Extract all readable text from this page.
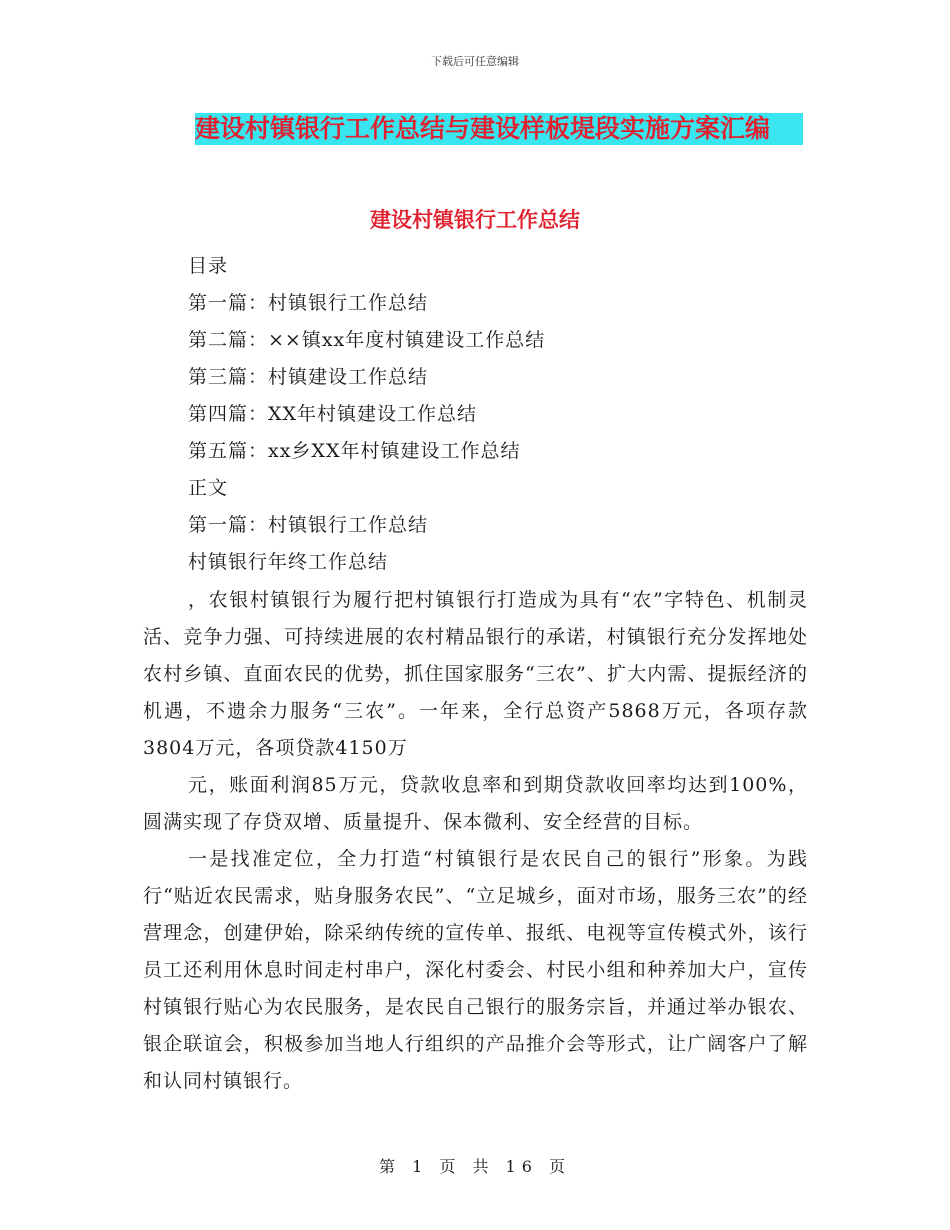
下载后可任意编辑
建设村镇银行工作总结与建设样板堤段实施方案汇编
建设村镇银行工作总结
目录
第一篇：村镇银行工作总结
第二篇：××镇xx年度村镇建设工作总结
第三篇：村镇建设工作总结
第四篇：XX年村镇建设工作总结
第五篇：xx乡XX年村镇建设工作总结
正文
第一篇：村镇银行工作总结
村镇银行年终工作总结

，农银村镇银行为履行把村镇银行打造成为具有“农”字特色、机制灵活、竞争力强、可持续进展的农村精品银行的承诺，村镇银行充分发挥地处农村乡镇、直面农民的优势，抓住国家服务“三农”、扩大内需、提振经济的机遇，不遗余力服务“三农”。一年来，全行总资产5868万元，各项存款3804万元，各项贷款4150万

元，账面利润85万元，贷款收息率和到期贷款收回率均达到100%，圆满实现了存贷双增、质量提升、保本微利、安全经营的目标。

一是找准定位，全力打造“村镇银行是农民自己的银行”形象。为践行“贴近农民需求，贴身服务农民”、“立足城乡，面对市场，服务三农”的经营理念，创建伊始，除采纳传统的宣传单、报纸、电视等宣传模式外，该行员工还利用休息时间走村串户，深化村委会、村民小组和种养加大户，宣传村镇银行贴心为农民服务，是农民自己银行的服务宗旨，并通过举办银农、银企联谊会，积极参加当地人行组织的产品推介会等形式，让广阔客户了解和认同村镇银行。

第 1 页 共 16 页
